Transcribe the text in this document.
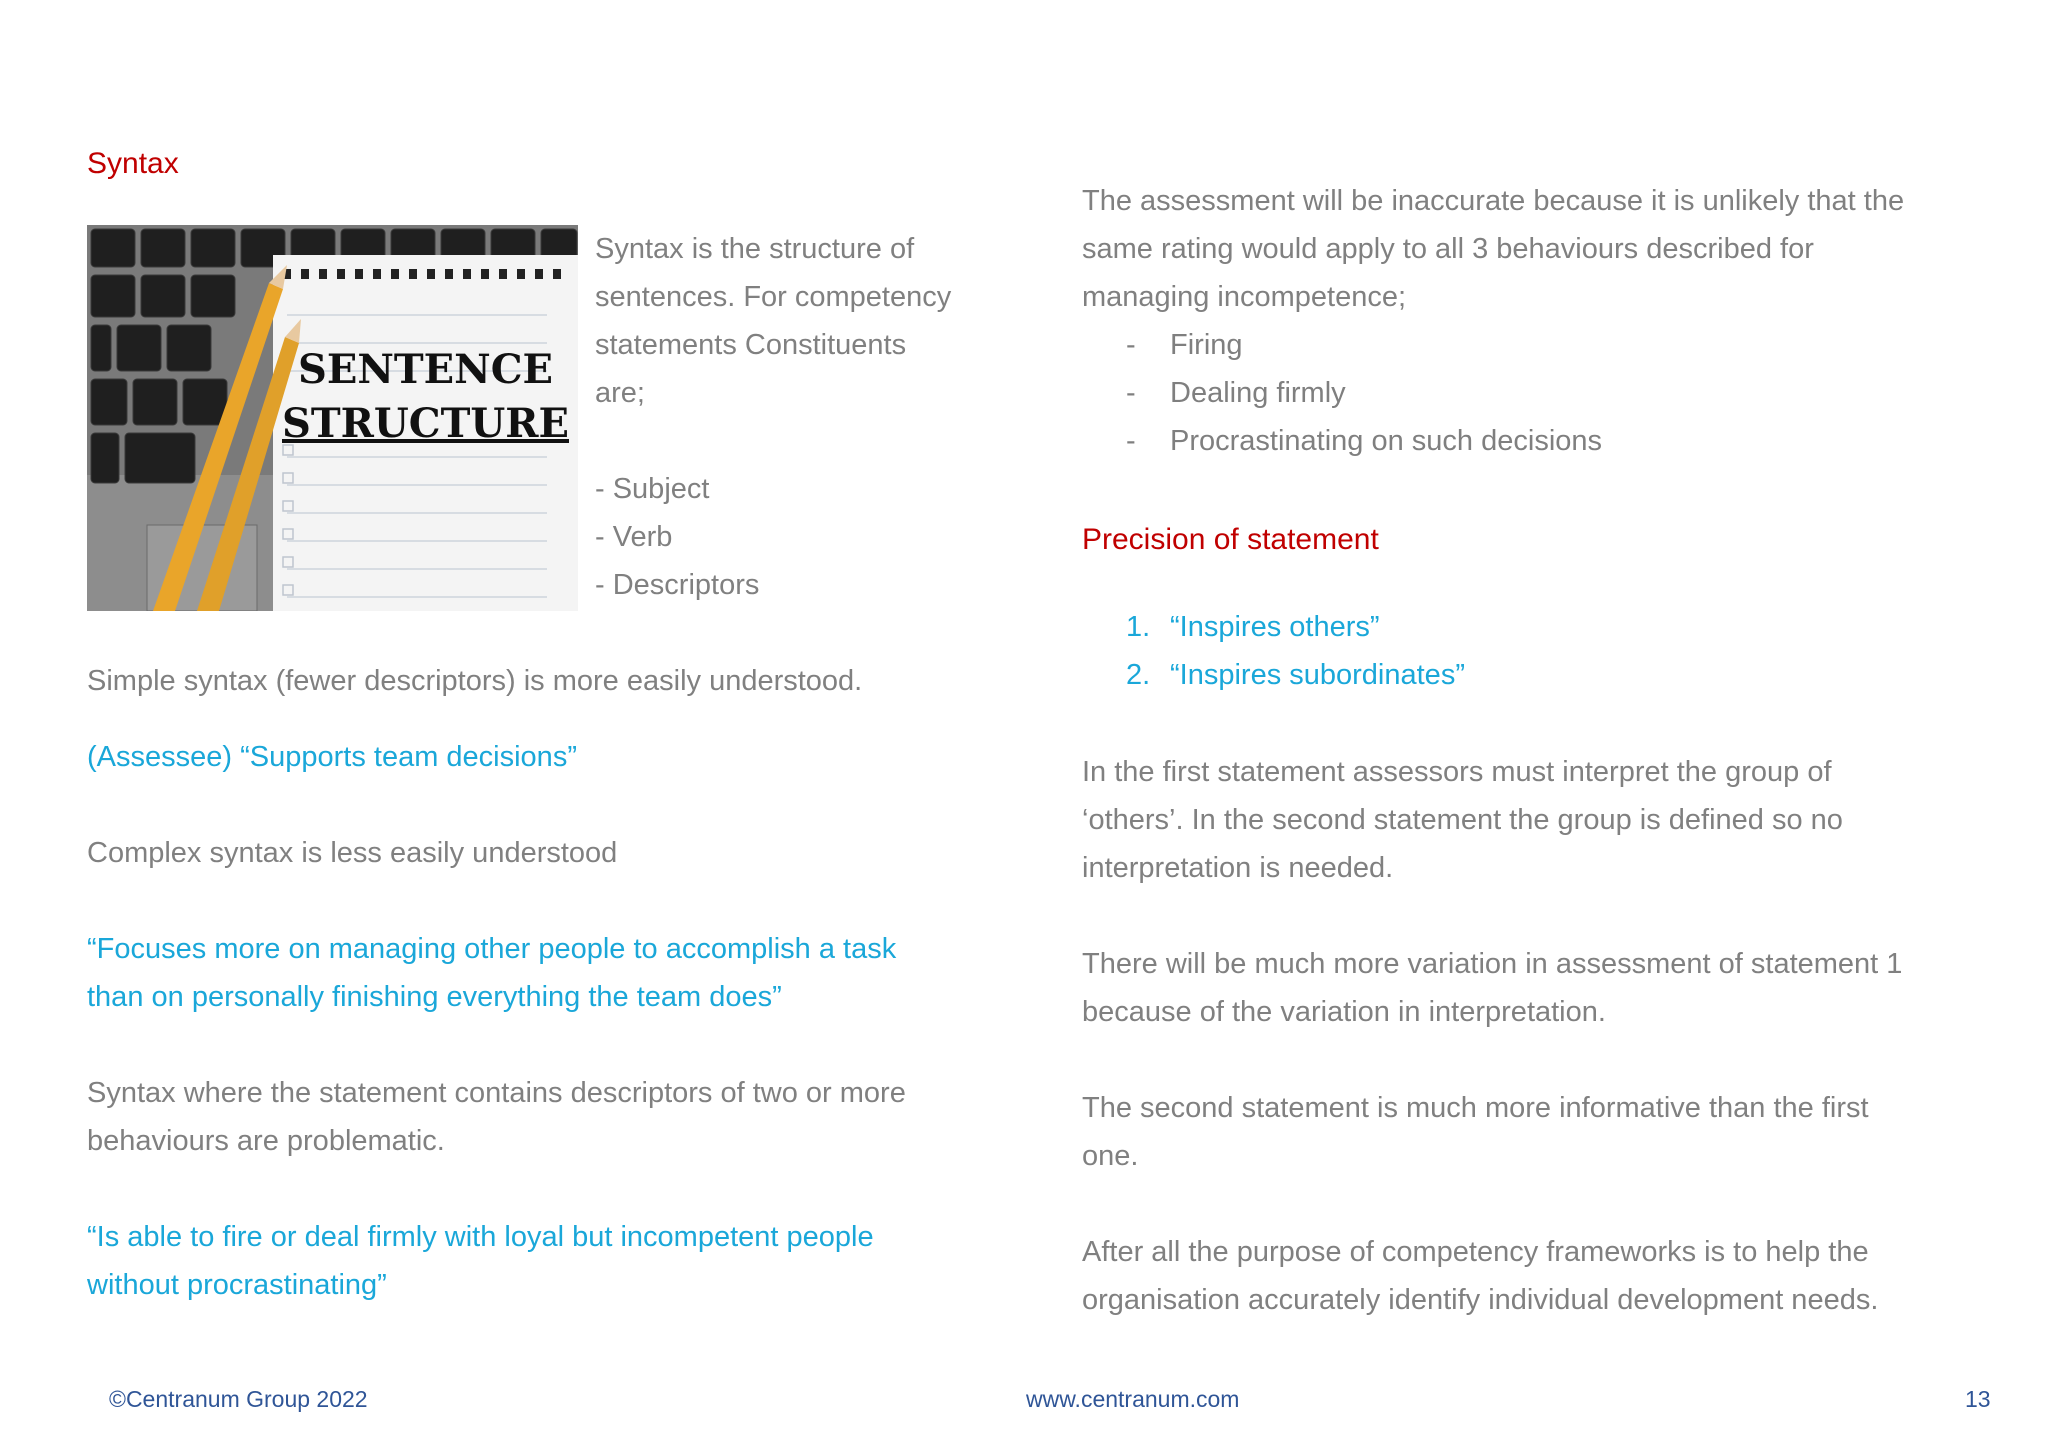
Syntax
SENTENCE
STRUCTURE
Syntax is the structure of
sentences. For competency
statements Constituents
are;
- Subject
- Verb
- Descriptors
Simple syntax (fewer descriptors) is more easily understood.
(Assessee) “Supports team decisions”
Complex syntax is less easily understood
“Focuses more on managing other people to accomplish a task
than on personally finishing everything the team does”
Syntax where the statement contains descriptors of two or more
behaviours are problematic.
“Is able to fire or deal firmly with loyal but incompetent people
without procrastinating”
The assessment will be inaccurate because it is unlikely that the
same rating would apply to all 3 behaviours described for
managing incompetence;
- Firing
- Dealing firmly
- Procrastinating on such decisions
Precision of statement
1. “Inspires others”
2. “Inspires subordinates”
In the first statement assessors must interpret the group of
‘others’. In the second statement the group is defined so no
interpretation is needed.
There will be much more variation in assessment of statement 1
because of the variation in interpretation.
The second statement is much more informative than the first
one.
After all the purpose of competency frameworks is to help the
organisation accurately identify individual development needs.
©Centranum Group 2022	www.centranum.com	13
